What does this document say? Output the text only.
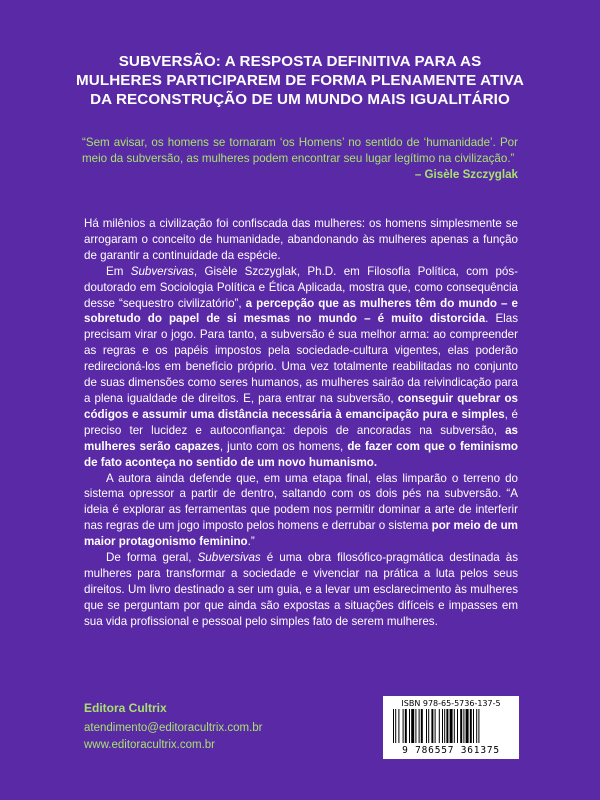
SUBVERSÃO: A RESPOSTA DEFINITIVA PARA AS
MULHERES PARTICIPAREM DE FORMA PLENAMENTE ATIVA
DA RECONSTRUÇÃO DE UM MUNDO MAIS IGUALITÁRIO
“Sem avisar, os homens se tornaram ‘os Homens’ no sentido de ‘humanidade’. Por meio da subversão, as mulheres podem encontrar seu lugar legítimo na civilização.”
– Gisèle Szczyglak

Há milênios a civilização foi confiscada das mulheres: os homens simplesmente se arrogaram o conceito de humanidade, abandonando às mulheres apenas a função de garantir a continuidade da espécie.

Em Subversivas, Gisèle Szczyglak, Ph.D. em Filosofia Política, com pós-doutorado em Sociologia Política e Ética Aplicada, mostra que, como consequência desse “sequestro civilizatório”, a percepção que as mulheres têm do mundo – e sobretudo do papel de si mesmas no mundo – é muito distorcida. Elas precisam virar o jogo. Para tanto, a subversão é sua melhor arma: ao compreender as regras e os papéis impostos pela sociedade-cultura vigentes, elas poderão redirecioná-los em benefício próprio. Uma vez totalmente reabilitadas no conjunto de suas dimensões como seres humanos, as mulheres sairão da reivindicação para a plena igualdade de direitos. E, para entrar na subversão, conseguir quebrar os códigos e assumir uma distância necessária à emancipação pura e simples, é preciso ter lucidez e autoconfiança: depois de ancoradas na subversão, as mulheres serão capazes, junto com os homens, de fazer com que o feminismo de fato aconteça no sentido de um novo humanismo.

A autora ainda defende que, em uma etapa final, elas limparão o terreno do sistema opressor a partir de dentro, saltando com os dois pés na subversão. “A ideia é explorar as ferramentas que podem nos permitir dominar a arte de interferir nas regras de um jogo imposto pelos homens e derrubar o sistema por meio de um maior protagonismo feminino.”

De forma geral, Subversivas é uma obra filosófico-pragmática destinada às mulheres para transformar a sociedade e vivenciar na prática a luta pelos seus direitos. Um livro destinado a ser um guia, e a levar um esclarecimento às mulheres que se perguntam por que ainda são expostas a situações difíceis e impasses em sua vida profissional e pessoal pelo simples fato de serem mulheres.

Editora Cultrix
atendimento@editoracultrix.com.br
www.editoracultrix.com.br
ISBN 978-65-5736-137-5
9 786557 361375
